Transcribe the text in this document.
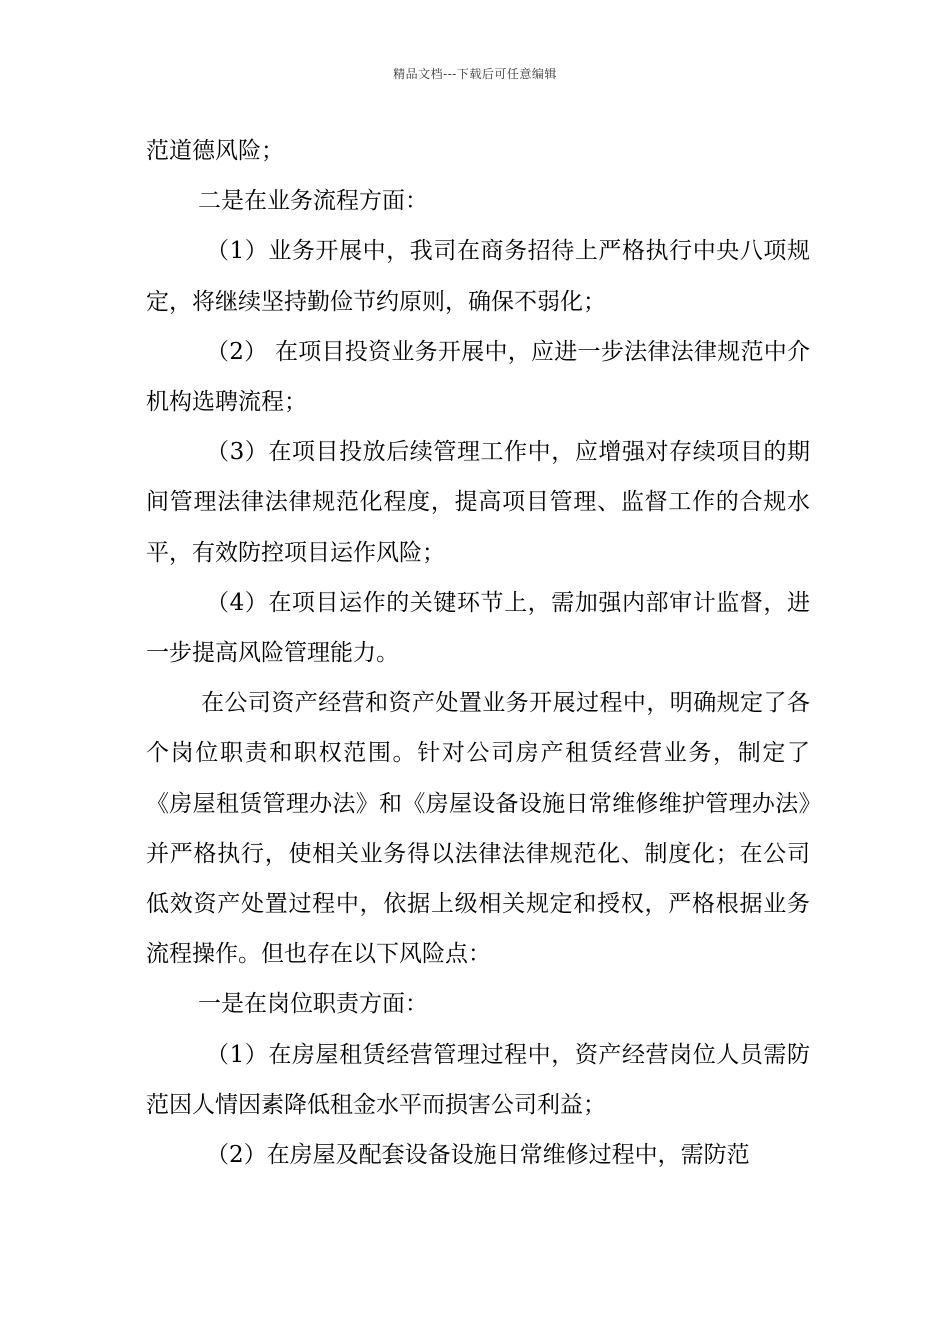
精品文档---下载后可任意编辑

范道德风险；

二是在业务流程方面：

（1）业务开展中，我司在商务招待上严格执行中央八项规定，将继续坚持勤俭节约原则，确保不弱化；

（2） 在项目投资业务开展中，应进一步法律法律规范中介机构选聘流程；

（3）在项目投放后续管理工作中，应增强对存续项目的期间管理法律法律规范化程度，提高项目管理、监督工作的合规水平，有效防控项目运作风险；

（4）在项目运作的关键环节上，需加强内部审计监督，进一步提高风险管理能力。

在公司资产经营和资产处置业务开展过程中，明确规定了各个岗位职责和职权范围。针对公司房产租赁经营业务，制定了《房屋租赁管理办法》和《房屋设备设施日常维修维护管理办法》并严格执行，使相关业务得以法律法律规范化、制度化；在公司低效资产处置过程中，依据上级相关规定和授权，严格根据业务流程操作。但也存在以下风险点：

一是在岗位职责方面：

（1）在房屋租赁经营管理过程中，资产经营岗位人员需防范因人情因素降低租金水平而损害公司利益；

（2）在房屋及配套设备设施日常维修过程中，需防范
